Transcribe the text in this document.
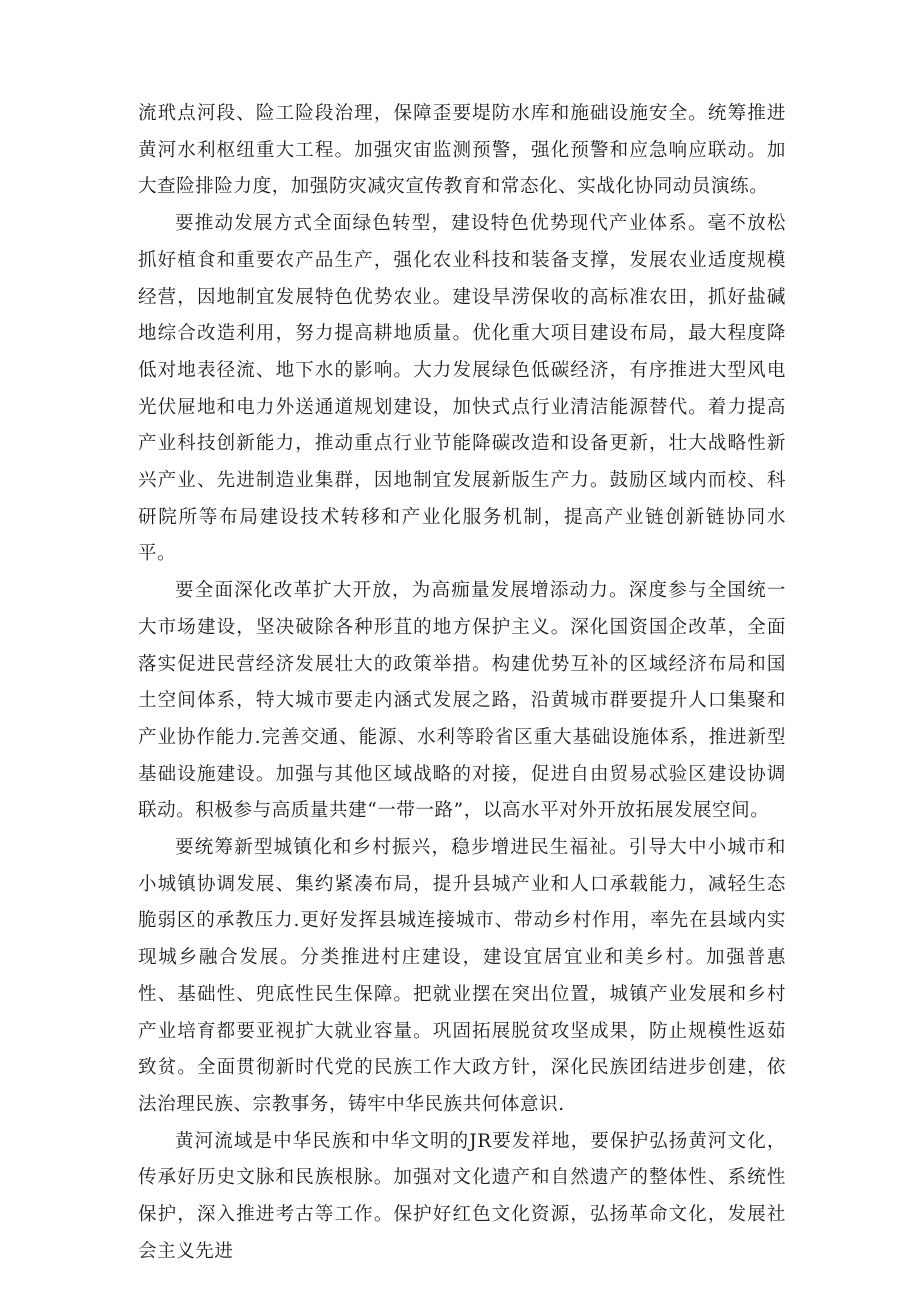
流玳点河段、险工险段治理，保障歪要堤防水库和施础设施安全。统筹推进黄河水利枢纽重大工程。加强灾宙监测预警，强化预警和应急响应联动。加大查险排险力度，加强防灾减灾宣传教育和常态化、实战化协同动员演练。

要推动发展方式全面绿色转型，建设特色优势现代产业体系。毫不放松抓好植食和重要农产品生产，强化农业科技和装备支撑，发展农业适度规模经营，因地制宜发展特色优势农业。建设旱涝保收的高标准农田，抓好盐碱地综合改造利用，努力提高耕地质量。优化重大项目建设布局，最大程度降低对地表径流、地下水的影响。大力发展绿色低碳经济，有序推进大型风电光伏屉地和电力外送通道规划建设，加快式点行业清洁能源替代。着力提高产业科技创新能力，推动重点行业节能降碳改造和设备更新，壮大战略性新兴产业、先进制造业集群，因地制宜发展新版生产力。鼓励区域内而校、科研院所等布局建设技术转移和产业化服务机制，提高产业链创新链协同水平。

要全面深化改革扩大开放，为高痂量发展增添动力。深度参与全国统一大市场建设，坚决破除各种形苴的地方保护主义。深化国资国企改革，全面落实促进民营经济发展壮大的政策举措。构建优势互补的区域经济布局和国土空间体系，特大城市要走内涵式发展之路，沿黄城市群要提升人口集聚和产业协作能力.完善交通、能源、水利等聆省区重大基础设施体系，推进新型基础设施建设。加强与其他区域战略的对接，促进自由贸易忒验区建设协调联动。积极参与高质量共建“一带一路”，以高水平对外开放拓展发展空间。

要统筹新型城镇化和乡村振兴，稳步增进民生福祉。引导大中小城市和小城镇协调发展、集约紧凑布局，提升县城产业和人口承载能力，减轻生态脆弱区的承教压力.更好发挥县城连接城市、带动乡村作用，率先在县域内实现城乡融合发展。分类推进村庄建设，建设宜居宜业和美乡村。加强普惠性、基础性、兜底性民生保障。把就业摆在突出位置，城镇产业发展和乡村产业培育都要亚视扩大就业容量。巩固拓展脱贫攻坚成果，防止规模性返茹致贫。全面贯彻新时代党的民族工作大政方针，深化民族团结进步创建，依法治理民族、宗教事务，铸牢中华民族共何体意识.

黄河流域是中华民族和中华文明的JR要发祥地，要保护弘扬黄河文化，传承好历史文脉和民族根脉。加强对文化遗产和自然遗产的整体性、系统性保护，深入推进考古等工作。保护好红色文化资源，弘扬革命文化，发展社会主义先进
